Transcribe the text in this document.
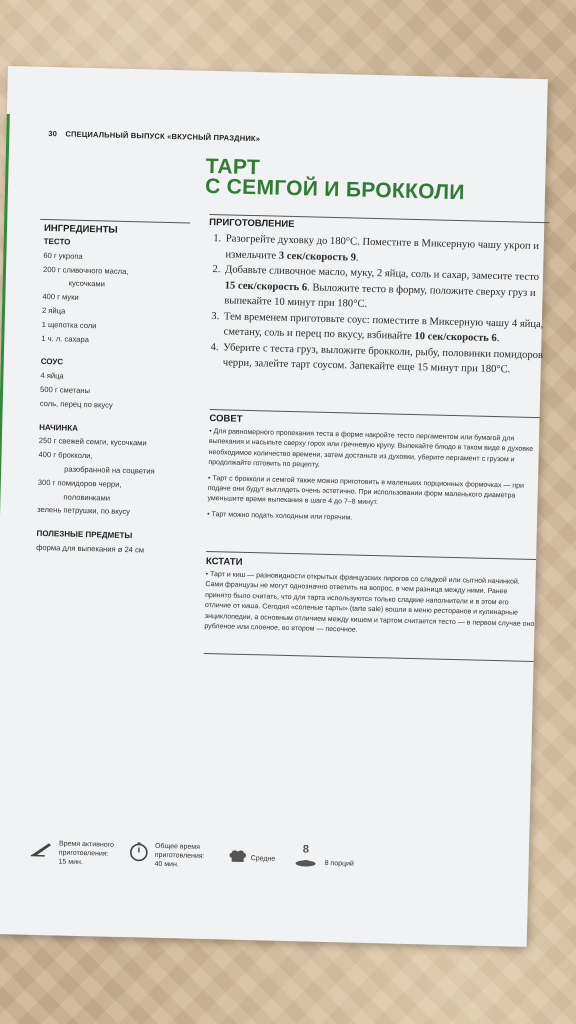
30 СПЕЦИАЛЬНЫЙ ВЫПУСК «ВКУСНЫЙ ПРАЗДНИК»
ТАРТ
С СЕМГОЙ И БРОККОЛИ
ИНГРЕДИЕНТЫ
ТЕСТО
60 г укропа
200 г сливочного масла,
кусочками
400 г муки
2 яйца
1 щепотка соли
1 ч. л. сахара
СОУС
4 яйца
500 г сметаны
соль, перец по вкусу
НАЧИНКА
250 г свежей семги, кусочками
400 г брокколи,
разобранной на соцветия
300 г помидоров черри,
половинками
зелень петрушки, по вкусу
ПОЛЕЗНЫЕ ПРЕДМЕТЫ
форма для выпекания ø 24 см
ПРИГОТОВЛЕНИЕ
1. Разогрейте духовку до 180°С. Поместите в Миксерную чашу укроп и измельчите 3 сек/скорость 9.
2. Добавьте сливочное масло, муку, 2 яйца, соль и сахар, замесите тесто 15 сек/скорость 6. Выложите тесто в форму, положите сверху груз и выпекайте 10 минут при 180°С.
3. Тем временем приготовьте соус: поместите в Миксерную чашу 4 яйца, сметану, соль и перец по вкусу, взбивайте 10 сек/скорость 6.
4. Уберите с теста груз, выложите брокколи, рыбу, половинки помидоров черри, залейте тарт соусом. Запекайте еще 15 минут при 180°С.
СОВЕТ

• Для равномерного пропекания теста в форме накройте тесто пергаментом или бумагой для выпекания и насыпьте сверху горох или гречневую крупу. Выпекайте блюдо в таком виде в духовке необходимое количество времени, затем достаньте из духовки, уберите пергамент с грузом и продолжайте готовить по рецепту.

• Тарт с брокколи и семгой также можно приготовить в маленьких порционных формочках — при подаче они будут выглядеть очень эстетично. При использовании форм маленького диаметра уменьшите время выпекания в шаге 4 до 7–8 минут.

• Тарт можно подать холодным или горячим.

КСТАТИ

• Тарт и киш — разновидности открытых французских пирогов со сладкой или сытной начинкой. Сами французы не могут однозначно ответить на вопрос, в чем разница между ними. Ранее принято было считать, что для тарта используются только сладкие наполнители и в этом его отличие от киша. Сегодня «соленые тарты» (tarte sale) вошли в меню ресторанов и кулинарные энциклопедии, а основным отличием между кишем и тартом считается тесто — в первом случае оно рубленое или слоеное, во втором — песочное.

Время активного приготовления:
15 мин.
Общее время приготовления:
40 мин.
Средне
8
8 порций
